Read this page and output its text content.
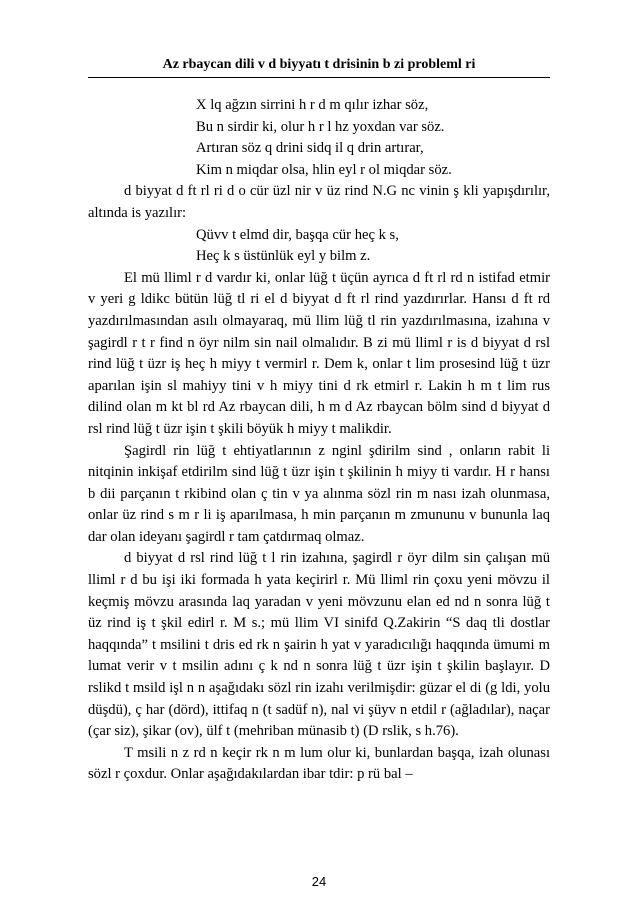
Az rbaycan dili v d biyyatı t drisinin b zi probleml ri
X lq ağzın sirrini h r d m qılır izhar söz,
Bu n sirdir ki, olur h r l hz yoxdan var söz.
Artıran söz q drini sidq il q drin artırar,
Kim n miqdar olsa, hlin eyl r ol miqdar söz.

d biyyat d ft rl ri d o cür üzl nir v üz rind N.G nc vinin ş kli yapışdırılır, altında is yazılır:

Qüvv t elmd dir, başqa cür heç k s,
Heç k s üstünlük eyl y bilm z.

El mü lliml r d vardır ki, onlar lüğ t üçün ayrıca d ft rl rd n istifad etmir v yeri g ldikc bütün lüğ tl ri el d biyyat d ft rl rind yazdırırlar. Hansı d ft rd yazdırılmasından asılı olmayaraq, mü llim lüğ tl rin yazdırılmasına, izahına v şagirdl r t r find n öyr nilm sin nail olmalıdır. B zi mü lliml r is d biyyat d rsl rind lüğ t üzr iş heç h miyy t vermirl r. Dem k, onlar t lim prosesind lüğ t üzr aparılan işin sl mahiyy tini v h miyy tini d rk etmirl r. Lakin h m t lim rus dilind olan m kt bl rd Az rbaycan dili, h m d Az rbaycan bölm sind d biyyat d rsl rind lüğ t üzr işin t şkili böyük h miyy t malikdir.

Şagirdl rin lüğ t ehtiyatlarının z nginl şdirilm sind , onların rabit li nitqinin inkişaf etdirilm sind lüğ t üzr işin t şkilinin h miyy ti vardır. H r hansı b dii parçanın t rkibind olan ç tin v ya alınma sözl rin m nası izah olunmasa, onlar üz rind s m r li iş aparılmasa, h min parçanın m zmununu v bununla laq dar olan ideyanı şagirdl r tam çatdırmaq olmaz.

d biyyat d rsl rind lüğ t l rin izahına, şagirdl r öyr dilm sin çalışan mü lliml r d bu işi iki formada h yata keçirirl r. Mü lliml rin çoxu yeni mövzu il keçmiş mövzu arasında laq yaradan v yeni mövzunu elan ed nd n sonra lüğ t üz rind iş t şkil edirl r. M s.; mü llim VI sinifd Q.Zakirin “S daq tli dostlar haqqında” t msilini t dris ed rk n şairin h yat v yaradıcılığı haqqında ümumi m lumat verir v t msilin adını ç k nd n sonra lüğ t üzr işin t şkilin başlayır. D rslikd t msild işl n n aşağıdakı sözl rin izahı verilmişdir: güzar el di (g ldi, yolu düşdü), ç har (dörd), ittifaq n (t sadüf n), nal vi şüyv n etdil r (ağladılar), naçar (çar siz), şikar (ov), ülf t (mehriban münasib t) (D rslik, s h.76).

T msili n z rd n keçir rk n m lum olur ki, bunlardan başqa, izah olunası sözl r çoxdur. Onlar aşağıdakılardan ibar tdir: p rü bal –

24
